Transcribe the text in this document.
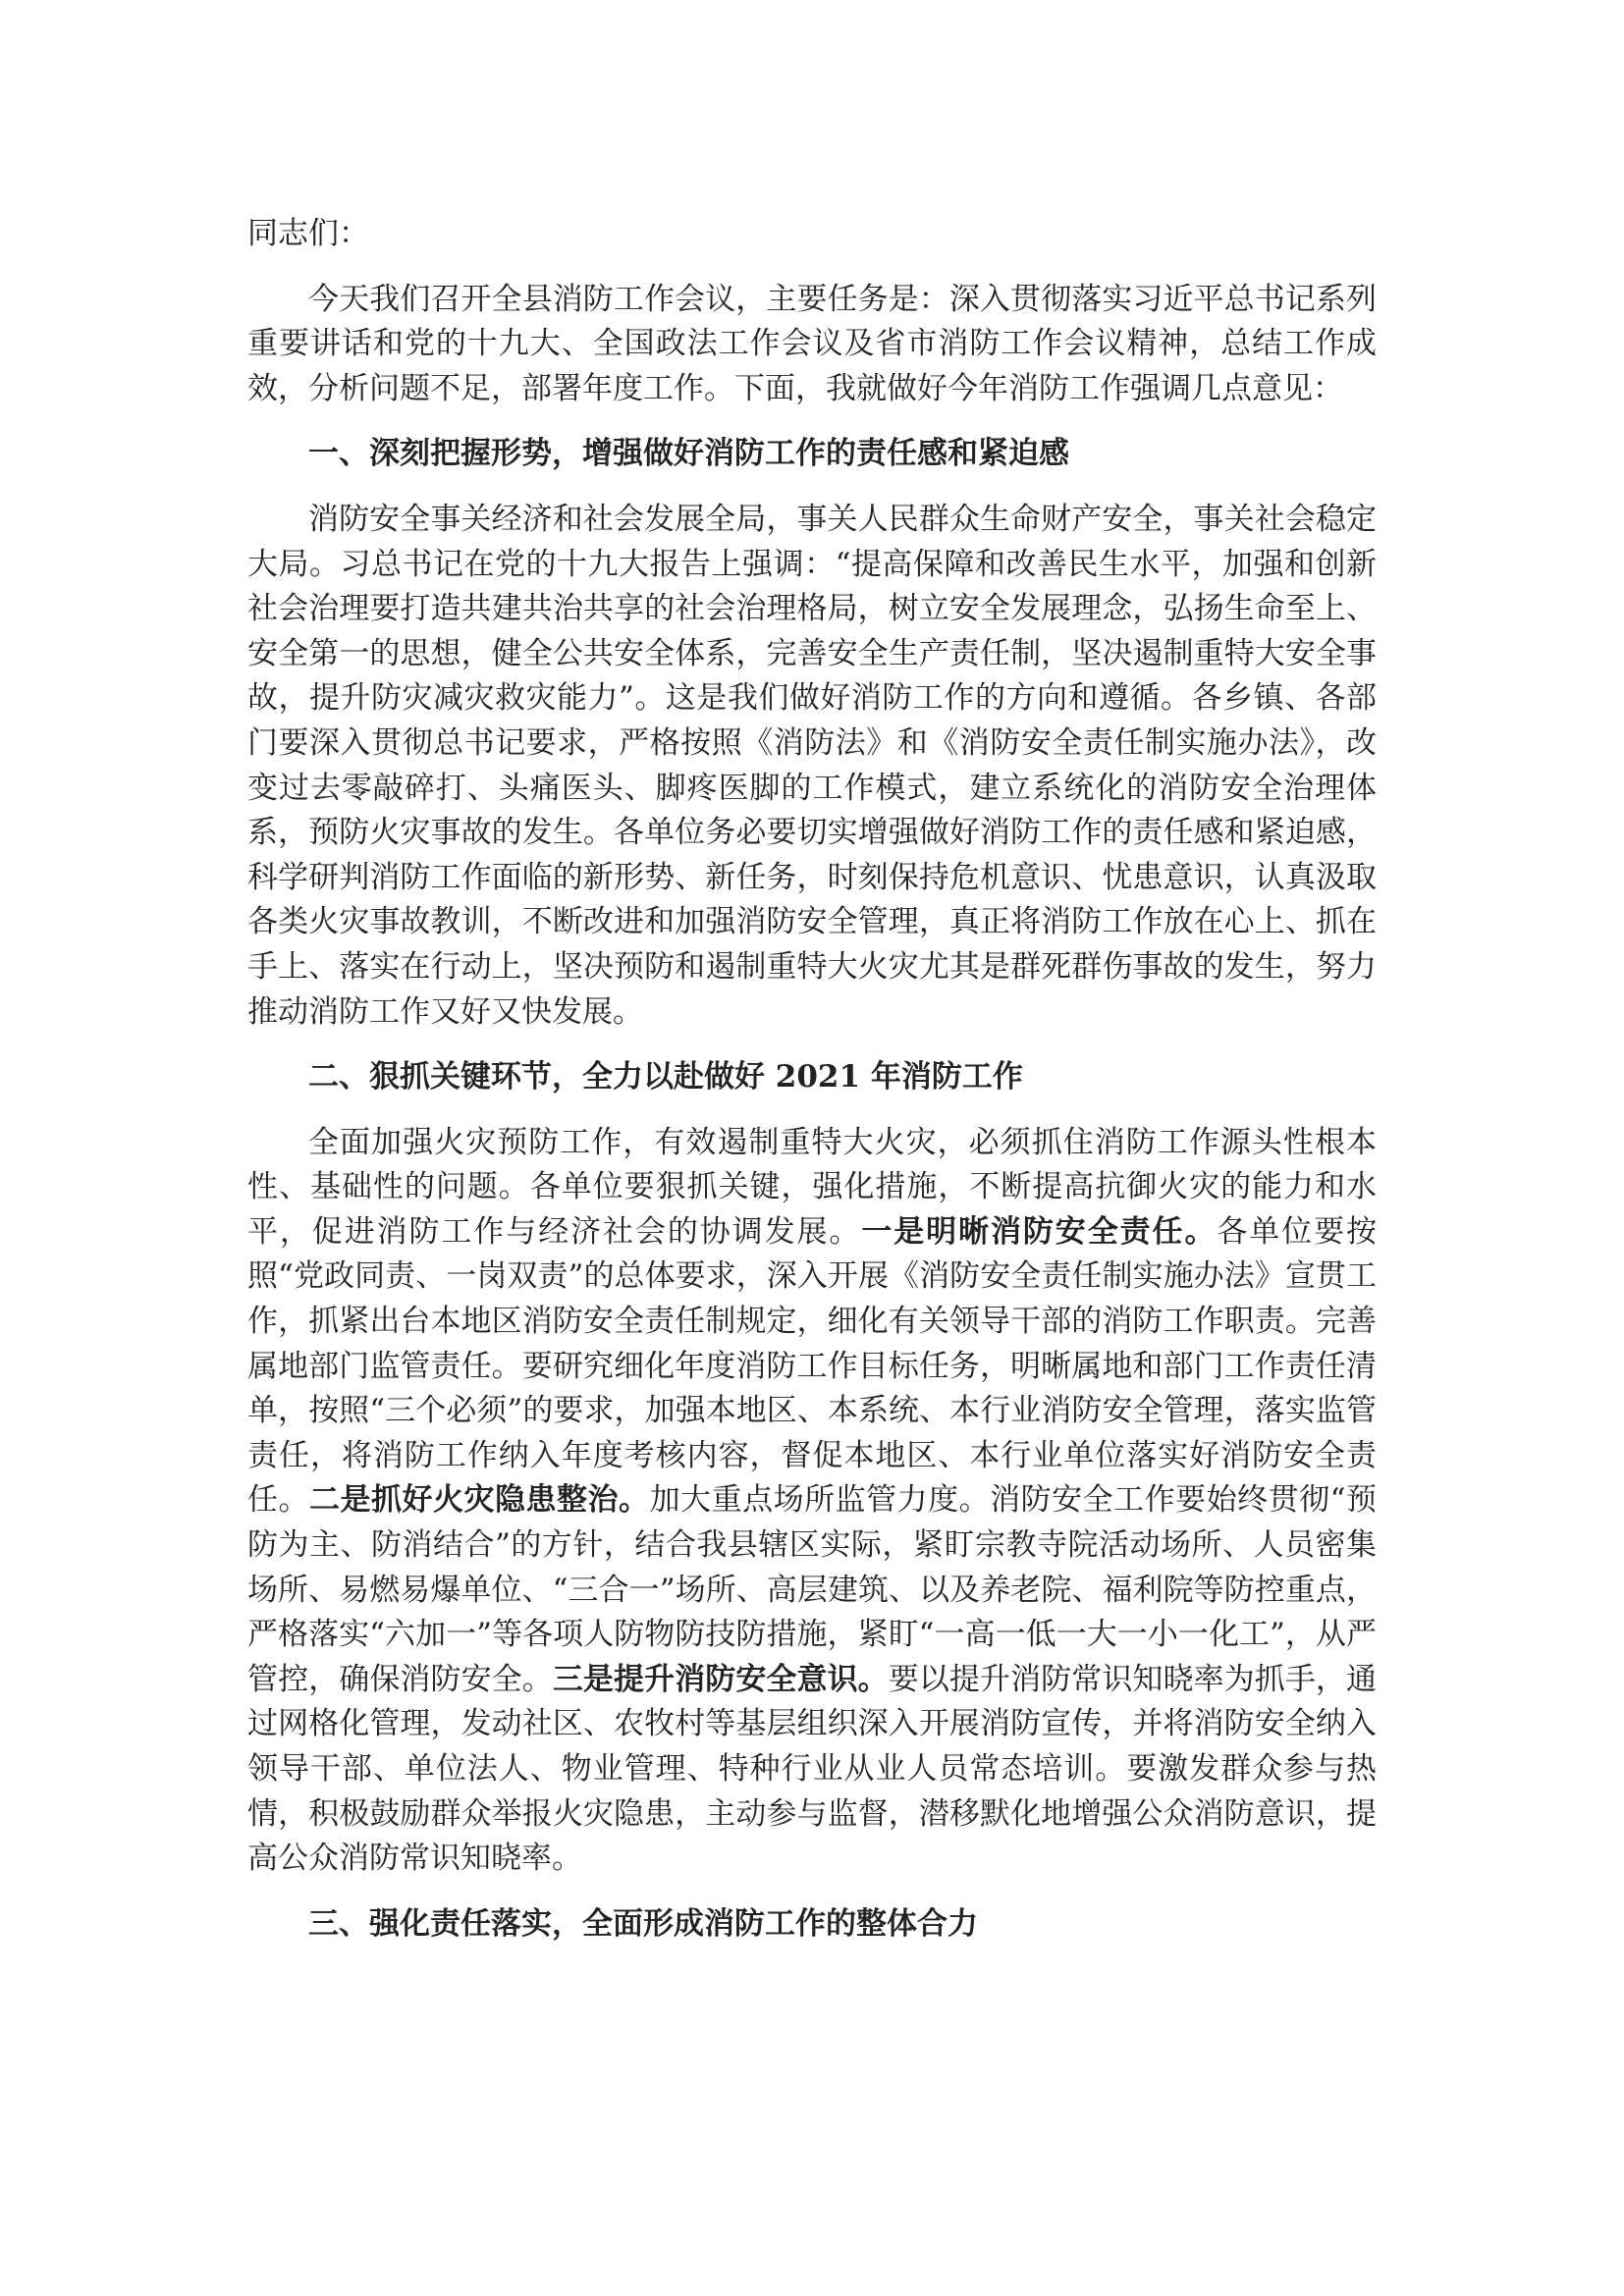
同志们：

今天我们召开全县消防工作会议，主要任务是：深入贯彻落实习近平总书记系列重要讲话和党的十九大、全国政法工作会议及省市消防工作会议精神，总结工作成效，分析问题不足，部署年度工作。下面，我就做好今年消防工作强调几点意见：

一、深刻把握形势，增强做好消防工作的责任感和紧迫感

消防安全事关经济和社会发展全局，事关人民群众生命财产安全，事关社会稳定大局。习总书记在党的十九大报告上强调：“提高保障和改善民生水平，加强和创新社会治理要打造共建共治共享的社会治理格局，树立安全发展理念，弘扬生命至上、安全第一的思想，健全公共安全体系，完善安全生产责任制，坚决遏制重特大安全事故，提升防灾减灾救灾能力”。这是我们做好消防工作的方向和遵循。各乡镇、各部门要深入贯彻总书记要求，严格按照《消防法》和《消防安全责任制实施办法》，改变过去零敲碎打、头痛医头、脚疼医脚的工作模式，建立系统化的消防安全治理体系，预防火灾事故的发生。各单位务必要切实增强做好消防工作的责任感和紧迫感，科学研判消防工作面临的新形势、新任务，时刻保持危机意识、忧患意识，认真汲取各类火灾事故教训，不断改进和加强消防安全管理，真正将消防工作放在心上、抓在手上、落实在行动上，坚决预防和遏制重特大火灾尤其是群死群伤事故的发生，努力推动消防工作又好又快发展。

二、狠抓关键环节，全力以赴做好 2021 年消防工作

全面加强火灾预防工作，有效遏制重特大火灾，必须抓住消防工作源头性根本性、基础性的问题。各单位要狠抓关键，强化措施，不断提高抗御火灾的能力和水平，促进消防工作与经济社会的协调发展。一是明晰消防安全责任。各单位要按照“党政同责、一岗双责”的总体要求，深入开展《消防安全责任制实施办法》宣贯工作，抓紧出台本地区消防安全责任制规定，细化有关领导干部的消防工作职责。完善属地部门监管责任。要研究细化年度消防工作目标任务，明晰属地和部门工作责任清单，按照“三个必须”的要求，加强本地区、本系统、本行业消防安全管理，落实监管责任，将消防工作纳入年度考核内容，督促本地区、本行业单位落实好消防安全责任。二是抓好火灾隐患整治。加大重点场所监管力度。消防安全工作要始终贯彻“预防为主、防消结合”的方针，结合我县辖区实际，紧盯宗教寺院活动场所、人员密集场所、易燃易爆单位、“三合一”场所、高层建筑、以及养老院、福利院等防控重点，严格落实“六加一”等各项人防物防技防措施，紧盯“一高一低一大一小一化工”，从严管控，确保消防安全。三是提升消防安全意识。要以提升消防常识知晓率为抓手，通过网格化管理，发动社区、农牧村等基层组织深入开展消防宣传，并将消防安全纳入领导干部、单位法人、物业管理、特种行业从业人员常态培训。要激发群众参与热情，积极鼓励群众举报火灾隐患，主动参与监督，潜移默化地增强公众消防意识，提高公众消防常识知晓率。

三、强化责任落实，全面形成消防工作的整体合力
